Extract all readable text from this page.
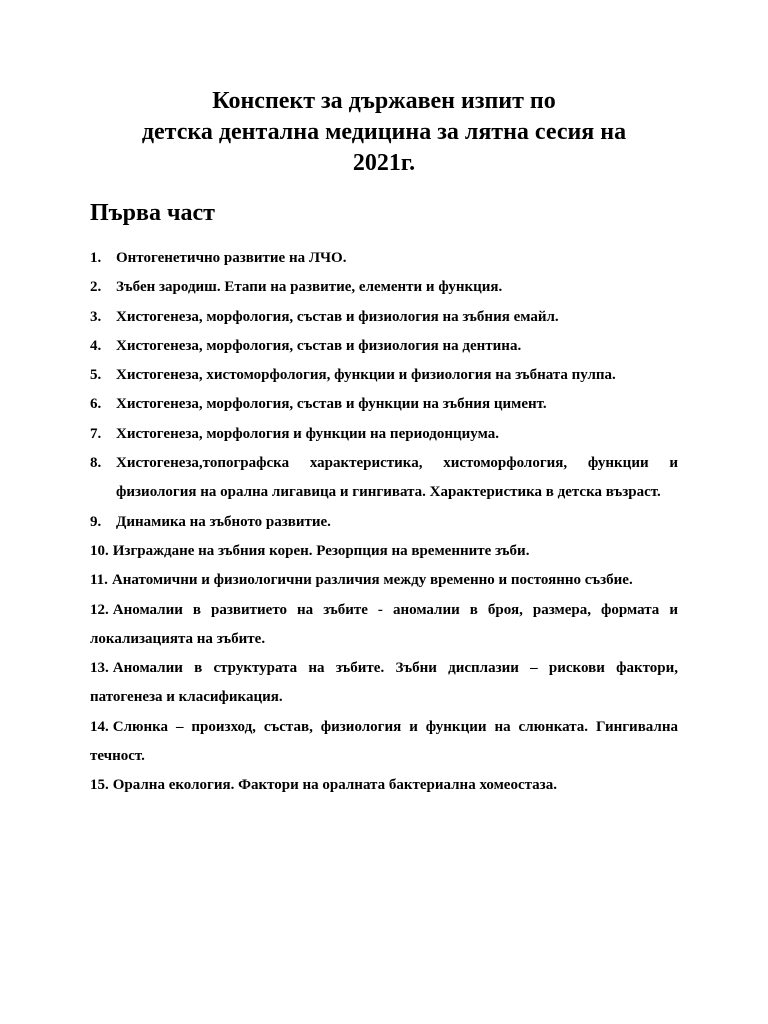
Конспект за държавен изпит по
детска дентална медицина за лятна сесия на
2021г.
Първа част
1. Онтогенетично развитие на ЛЧО.
2. Зъбен зародиш. Етапи на развитие, елементи и функция.
3. Хистогенеза, морфология, състав и физиология на зъбния емайл.
4. Хистогенеза, морфология, състав и физиология на дентина.
5. Хистогенеза, хистоморфология, функции и физиология на зъбната пулпа.
6. Хистогенеза, морфология, състав и функции на зъбния цимент.
7. Хистогенеза, морфология и функции на периодонциума.
8. Хистогенеза,топографска характеристика, хистоморфология, функции и физиология на орална лигавица и гингивата. Характеристика в детска възраст.
9. Динамика на зъбното развитие.
10. Изграждане на зъбния корен. Резорпция на временните зъби.
11. Анатомични и физиологични различия между временно и постоянно съзбие.
12. Аномалии в развитието на зъбите - аномалии в броя, размера, формата и локализацията на зъбите.
13. Аномалии в структурата на зъбите. Зъбни дисплазии – рискови фактори, патогенеза и класификация.
14. Слюнка – произход, състав, физиология и функции на слюнката. Гингивална течност.
15. Орална екология. Фактори на оралната бактериална хомеостаза.
